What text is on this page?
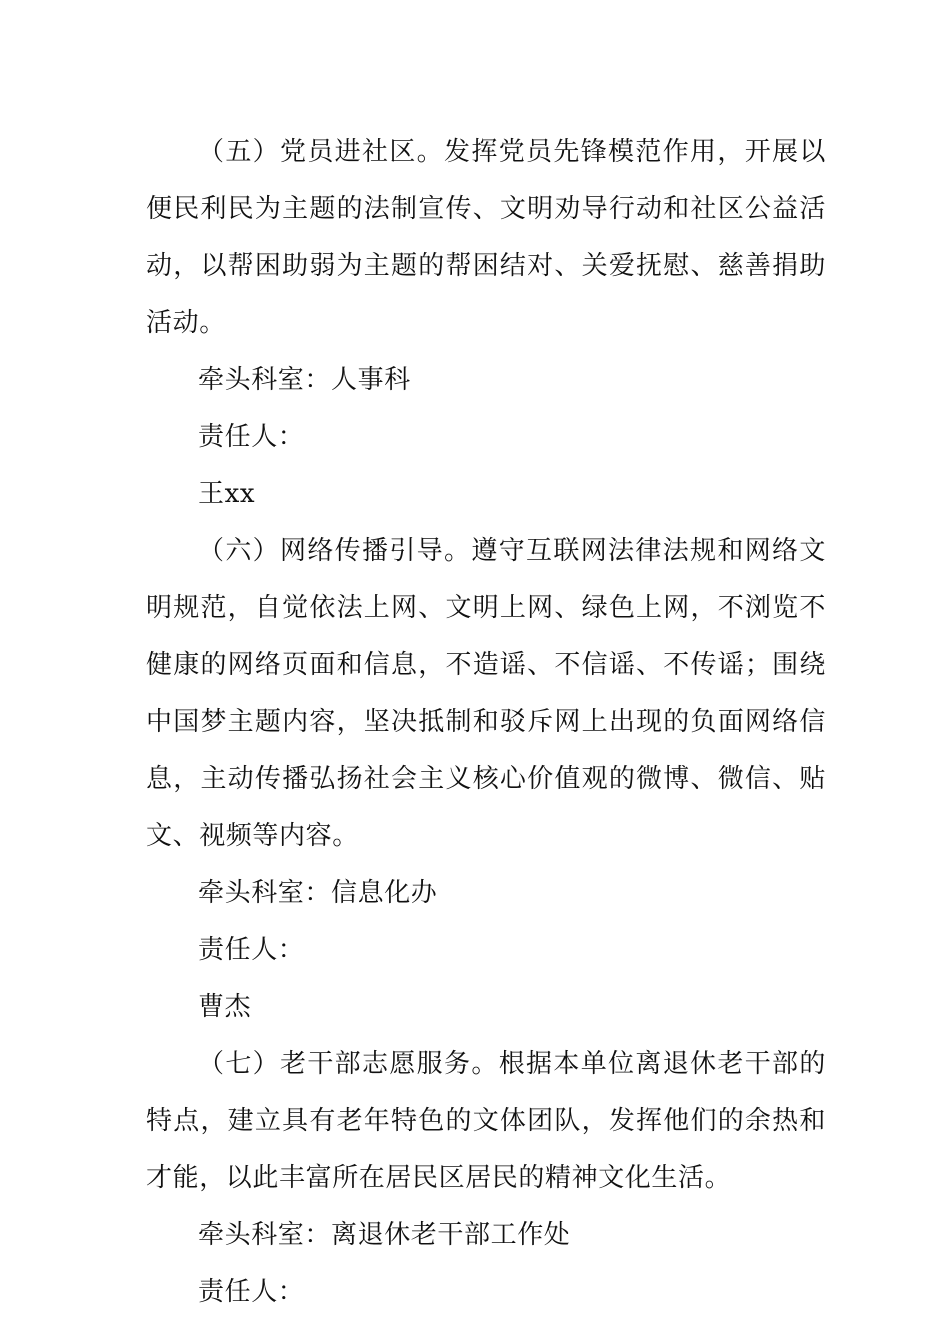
（五）党员进社区。发挥党员先锋模范作用，开展以便民利民为主题的法制宣传、文明劝导行动和社区公益活动，以帮困助弱为主题的帮困结对、关爱抚慰、慈善捐助活动。

牵头科室：人事科

责任人：

王xx

（六）网络传播引导。遵守互联网法律法规和网络文明规范，自觉依法上网、文明上网、绿色上网，不浏览不健康的网络页面和信息，不造谣、不信谣、不传谣；围绕中国梦主题内容，坚决抵制和驳斥网上出现的负面网络信息，主动传播弘扬社会主义核心价值观的微博、微信、贴文、视频等内容。

牵头科室：信息化办

责任人：

曹杰

（七）老干部志愿服务。根据本单位离退休老干部的特点，建立具有老年特色的文体团队，发挥他们的余热和才能，以此丰富所在居民区居民的精神文化生活。

牵头科室：离退休老干部工作处

责任人：
